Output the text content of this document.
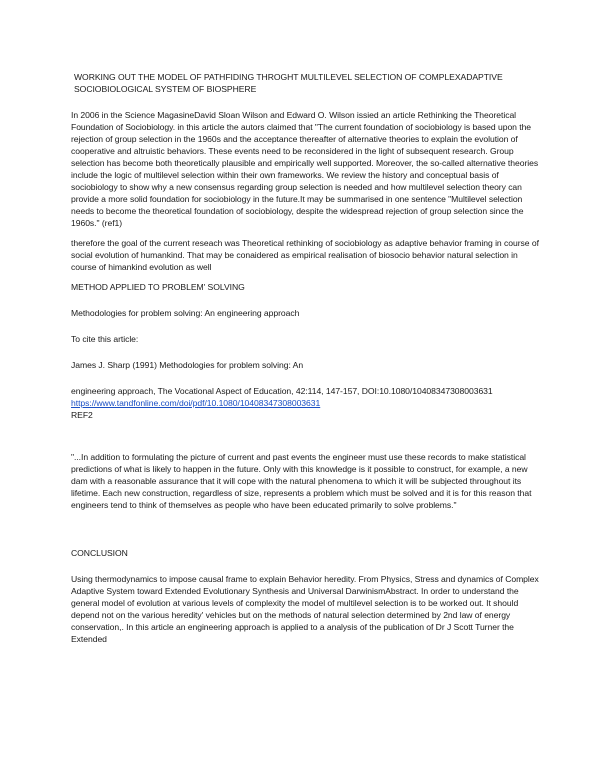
WORKING OUT THE MODEL OF PATHFIDING THROGHT MULTILEVEL SELECTION OF COMPLEXADAPTIVE SOCIOBIOLOGICAL SYSTEM OF BIOSPHERE

In 2006 in the Science MagasineDavid Sloan Wilson and Edward O. Wilson issied an article Rethinking the Theoretical Foundation of Sociobiology. in this article the autors claimed that "The current foundation of sociobiology is based upon the rejection of group selection in the 1960s and the acceptance thereafter of alternative theories to explain the evolution of cooperative and altruistic behaviors. These events need to be reconsidered in the light of subsequent research. Group selection has become both theoretically plausible and empirically well supported. Moreover, the so-called alternative theories include the logic of multilevel selection within their own frameworks. We review the history and conceptual basis of sociobiology to show why a new consensus regarding group selection is needed and how multilevel selection theory can provide a more solid foundation for sociobiology in the future.It may be summarised in one sentence "Multilevel selection needs to become the theoretical foundation of sociobiology, despite the widespread rejection of group selection since the 1960s." (ref1)

therefore the goal of the current reseach was Theoretical rethinking of sociobiology as adaptive behavior framing in course of social evolution of humankind. That may be conaidered as empirical realisation of biosocio behavior natural selection in course of himankind evolution as well

METHOD APPLIED TO PROBLEM' SOLVING

Methodologies for problem solving: An engineering approach

To cite this article:

James J. Sharp (1991) Methodologies for problem solving: An

engineering approach, The Vocational Aspect of Education, 42:114, 147-157, DOI:10.1080/10408347308003631 https://www.tandfonline.com/doi/pdf/10.1080/10408347308003631
REF2

"...In addition to formulating the picture of current and past events the engineer must use these records to make statistical predictions of what is likely to happen in the future. Only with this knowledge is it possible to construct, for example, a new dam with a reasonable assurance that it will cope with the natural phenomena to which it will be subjected throughout its lifetime. Each new construction, regardless of size, represents a problem which must be solved and it is for this reason that engineers tend to think of themselves as people who have been educated primarily to solve problems."

CONCLUSION

Using thermodynamics to impose causal frame to explain Behavior heredity. From Physics, Stress and dynamics of Complex Adaptive System toward Extended Evolutionary Synthesis and Universal DarwinismAbstract. In order to understand the general model of evolution at various levels of complexity the model of multilevel selection is to be worked out. It should depend not on the various heredity' vehicles but on the methods of natural selection determined by 2nd law of energy conservation,. In this article an engineering approach is applied to a analysis of the publication of Dr J Scott Turner the Extended
